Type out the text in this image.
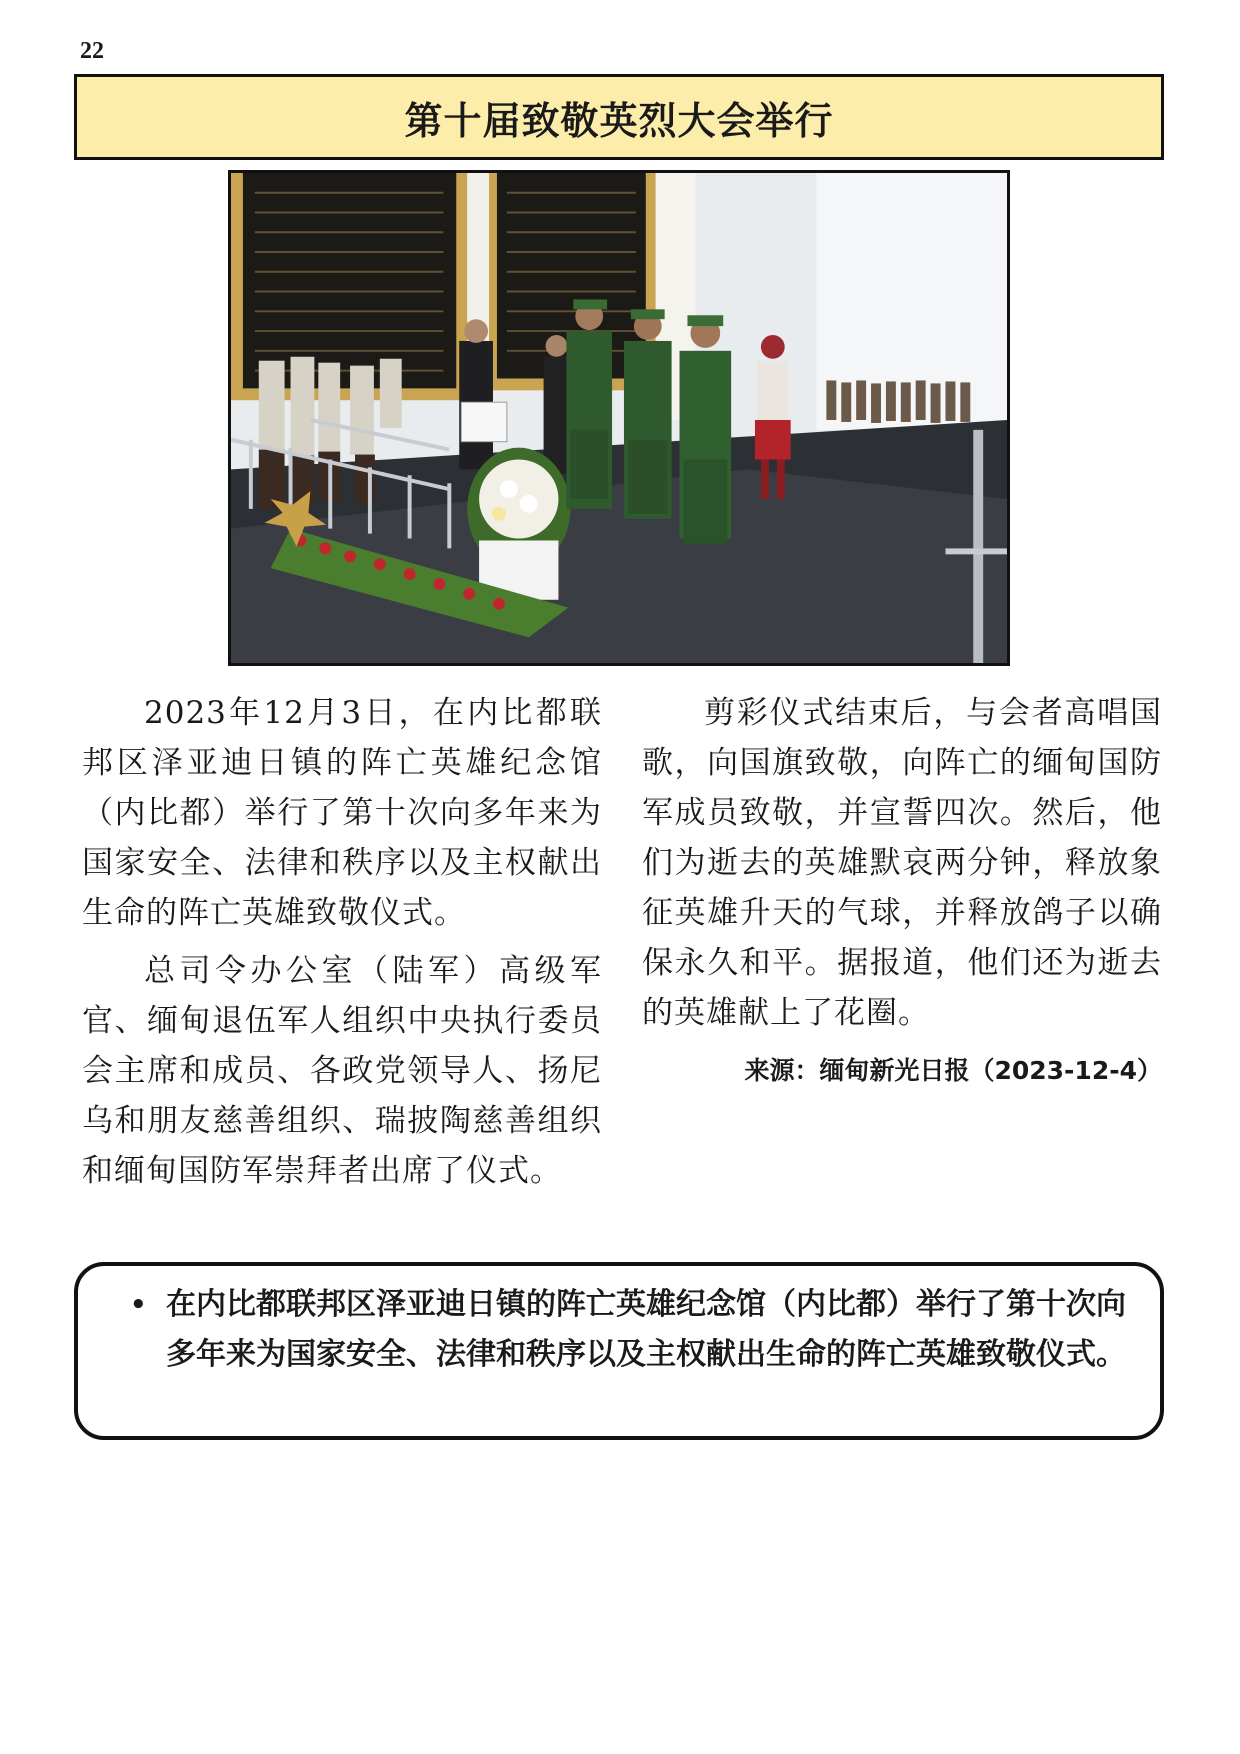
22
第十届致敬英烈大会举行

2023年12月3日，在内比都联邦区泽亚迪日镇的阵亡英雄纪念馆（内比都）举行了第十次向多年来为国家安全、法律和秩序以及主权献出生命的阵亡英雄致敬仪式。

总司令办公室（陆军）高级军官、缅甸退伍军人组织中央执行委员会主席和成员、各政党领导人、扬尼乌和朋友慈善组织、瑞披陶慈善组织和缅甸国防军崇拜者出席了仪式。

剪彩仪式结束后，与会者高唱国歌，向国旗致敬，向阵亡的缅甸国防军成员致敬，并宣誓四次。然后，他们为逝去的英雄默哀两分钟，释放象征英雄升天的气球，并释放鸽子以确保永久和平。据报道，他们还为逝去的英雄献上了花圈。

来源：缅甸新光日报（2023-12-4）
• 在内比都联邦区泽亚迪日镇的阵亡英雄纪念馆（内比都）举行了第十次向多年来为国家安全、法律和秩序以及主权献出生命的阵亡英雄致敬仪式。
